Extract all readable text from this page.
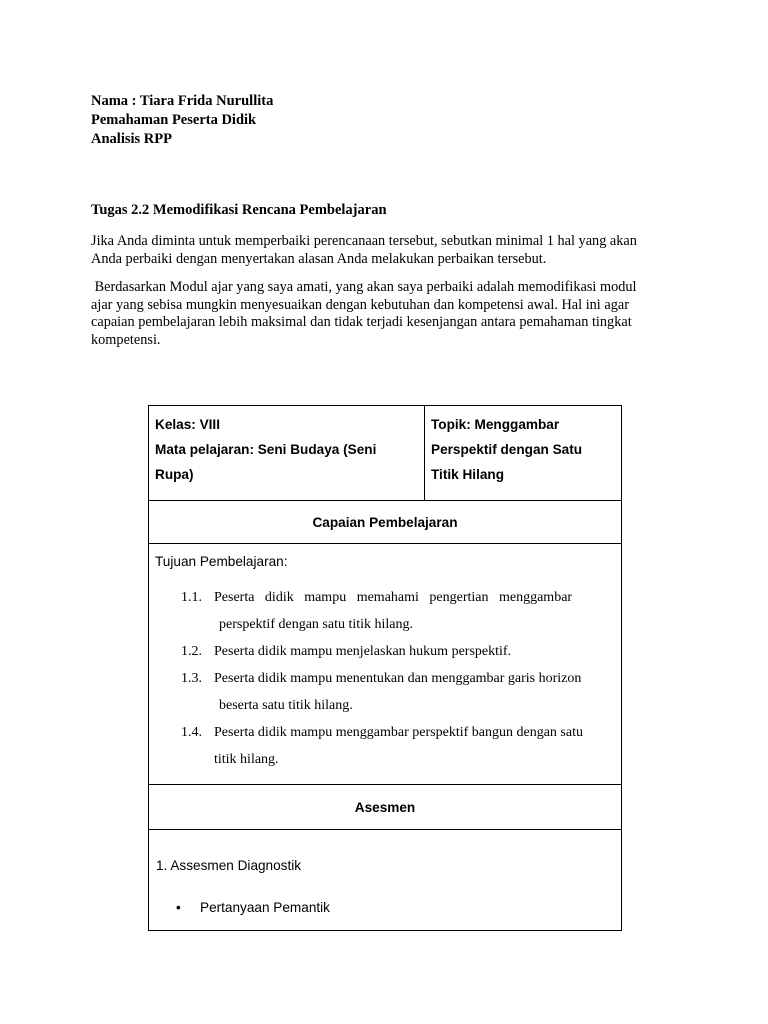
Nama : Tiara Frida Nurullita
Pemahaman Peserta Didik
Analisis RPP
Tugas 2.2 Memodifikasi Rencana Pembelajaran
Jika Anda diminta untuk memperbaiki perencanaan tersebut, sebutkan minimal 1 hal yang akan
Anda perbaiki dengan menyertakan alasan Anda melakukan perbaikan tersebut.
Berdasarkan Modul ajar yang saya amati, yang akan saya perbaiki adalah memodifikasi modul
ajar yang sebisa mungkin menyesuaikan dengan kebutuhan dan kompetensi awal. Hal ini agar
capaian pembelajaran lebih maksimal dan tidak terjadi kesenjangan antara pemahaman tingkat
kompetensi.
Kelas: VIII
Mata pelajaran: Seni Budaya (Seni
Rupa)

Topik: Menggambar
Perspektif dengan Satu
Titik Hilang

Capaian Pembelajaran

Tujuan Pembelajaran:
1.1. Peserta   didik   mampu   memahami   pengertian   menggambar
perspektif dengan satu titik hilang.
1.2. Peserta didik mampu menjelaskan hukum perspektif.
1.3. Peserta didik mampu menentukan dan menggambar garis horizon
beserta satu titik hilang.
1.4. Peserta didik mampu menggambar perspektif bangun dengan satu
titik hilang.

Asesmen

1. Assesmen Diagnostik
• Pertanyaan Pemantik
